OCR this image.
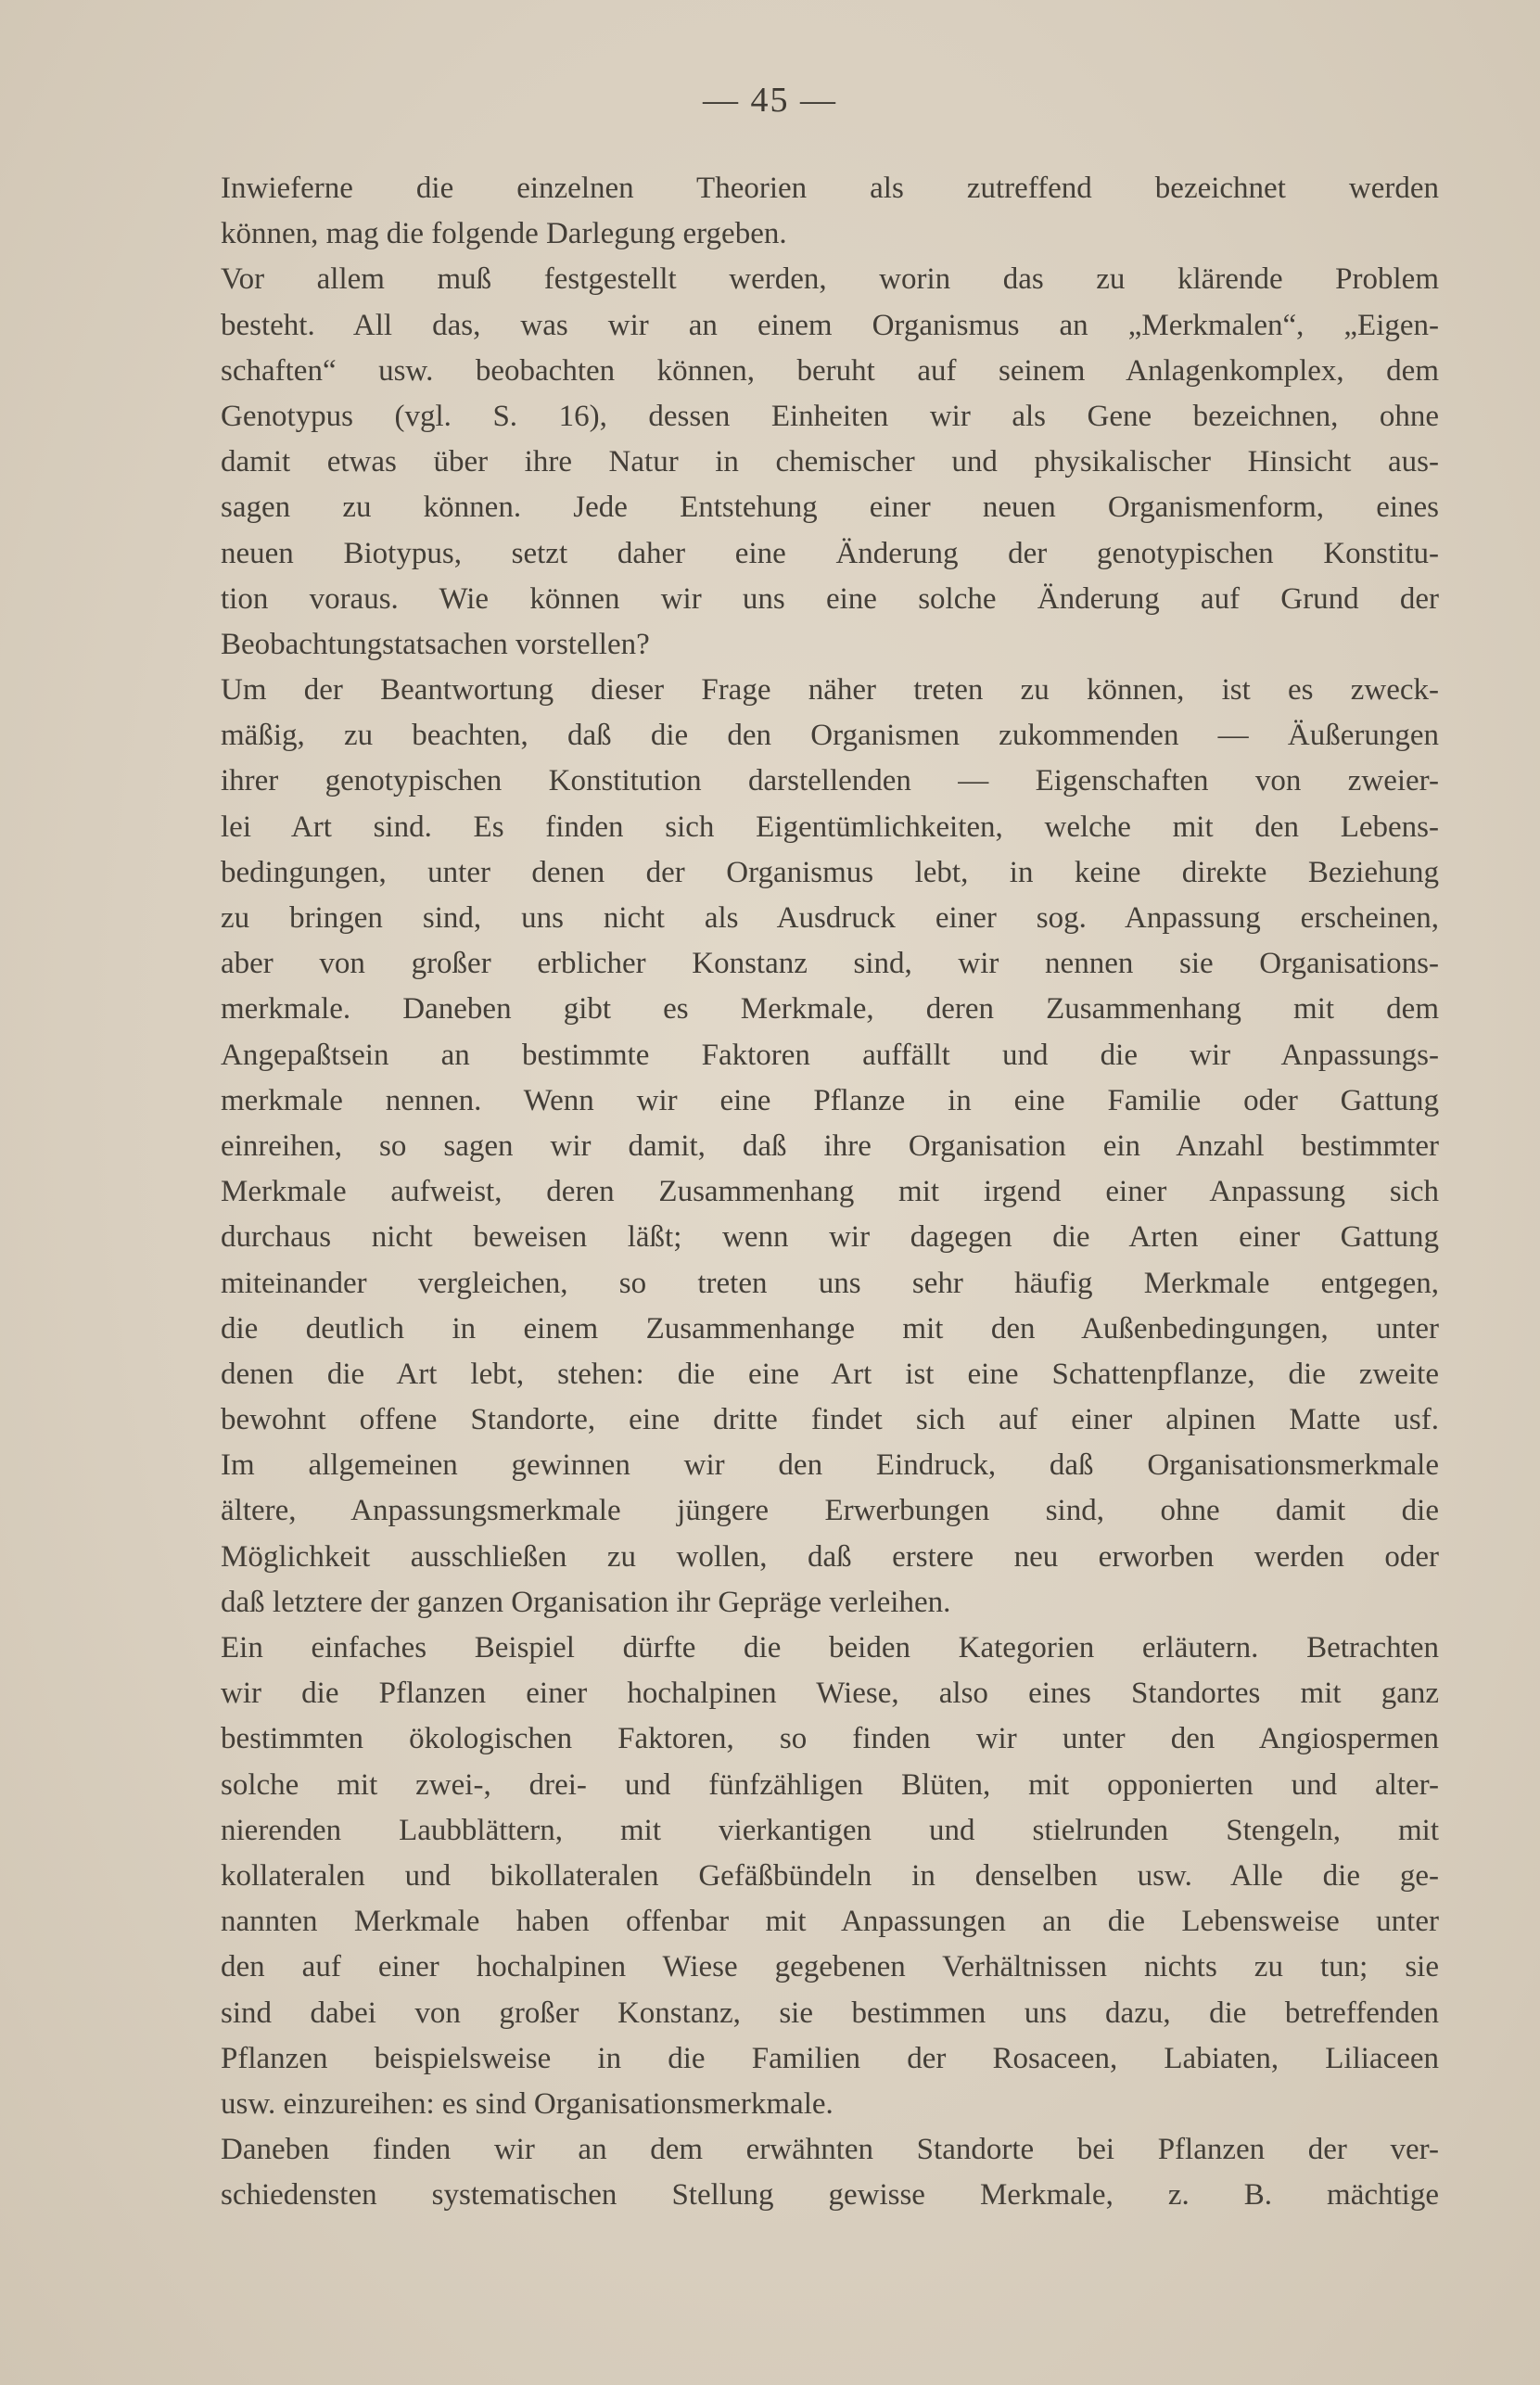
— 45 —
Inwieferne die einzelnen Theorien als zutreffend bezeichnet werden
können, mag die folgende Darlegung ergeben.
Vor allem muß festgestellt werden, worin das zu klärende Problem
besteht. All das, was wir an einem Organismus an „Merkmalen“, „Eigen-
schaften“ usw. beobachten können, beruht auf seinem Anlagenkomplex, dem
Genotypus (vgl. S. 16), dessen Einheiten wir als Gene bezeichnen, ohne
damit etwas über ihre Natur in chemischer und physikalischer Hinsicht aus-
sagen zu können. Jede Entstehung einer neuen Organismenform, eines
neuen Biotypus, setzt daher eine Änderung der genotypischen Konstitu-
tion voraus. Wie können wir uns eine solche Änderung auf Grund der
Beobachtungstatsachen vorstellen?
Um der Beantwortung dieser Frage näher treten zu können, ist es zweck-
mäßig, zu beachten, daß die den Organismen zukommenden — Äußerungen
ihrer genotypischen Konstitution darstellenden — Eigenschaften von zweier-
lei Art sind. Es finden sich Eigentümlichkeiten, welche mit den Lebens-
bedingungen, unter denen der Organismus lebt, in keine direkte Beziehung
zu bringen sind, uns nicht als Ausdruck einer sog. Anpassung erscheinen,
aber von großer erblicher Konstanz sind, wir nennen sie Organisations-
merkmale. Daneben gibt es Merkmale, deren Zusammenhang mit dem
Angepaßtsein an bestimmte Faktoren auffällt und die wir Anpassungs-
merkmale nennen. Wenn wir eine Pflanze in eine Familie oder Gattung
einreihen, so sagen wir damit, daß ihre Organisation ein Anzahl bestimmter
Merkmale aufweist, deren Zusammenhang mit irgend einer Anpassung sich
durchaus nicht beweisen läßt; wenn wir dagegen die Arten einer Gattung
miteinander vergleichen, so treten uns sehr häufig Merkmale entgegen,
die deutlich in einem Zusammenhange mit den Außenbedingungen, unter
denen die Art lebt, stehen: die eine Art ist eine Schattenpflanze, die zweite
bewohnt offene Standorte, eine dritte findet sich auf einer alpinen Matte usf.
Im allgemeinen gewinnen wir den Eindruck, daß Organisationsmerkmale
ältere, Anpassungsmerkmale jüngere Erwerbungen sind, ohne damit die
Möglichkeit ausschließen zu wollen, daß erstere neu erworben werden oder
daß letztere der ganzen Organisation ihr Gepräge verleihen.
Ein einfaches Beispiel dürfte die beiden Kategorien erläutern. Betrachten
wir die Pflanzen einer hochalpinen Wiese, also eines Standortes mit ganz
bestimmten ökologischen Faktoren, so finden wir unter den Angiospermen
solche mit zwei-, drei- und fünfzähligen Blüten, mit opponierten und alter-
nierenden Laubblättern, mit vierkantigen und stielrunden Stengeln, mit
kollateralen und bikollateralen Gefäßbündeln in denselben usw. Alle die ge-
nannten Merkmale haben offenbar mit Anpassungen an die Lebensweise unter
den auf einer hochalpinen Wiese gegebenen Verhältnissen nichts zu tun; sie
sind dabei von großer Konstanz, sie bestimmen uns dazu, die betreffenden
Pflanzen beispielsweise in die Familien der Rosaceen, Labiaten, Liliaceen
usw. einzureihen: es sind Organisationsmerkmale.
Daneben finden wir an dem erwähnten Standorte bei Pflanzen der ver-
schiedensten systematischen Stellung gewisse Merkmale, z. B. mächtige
